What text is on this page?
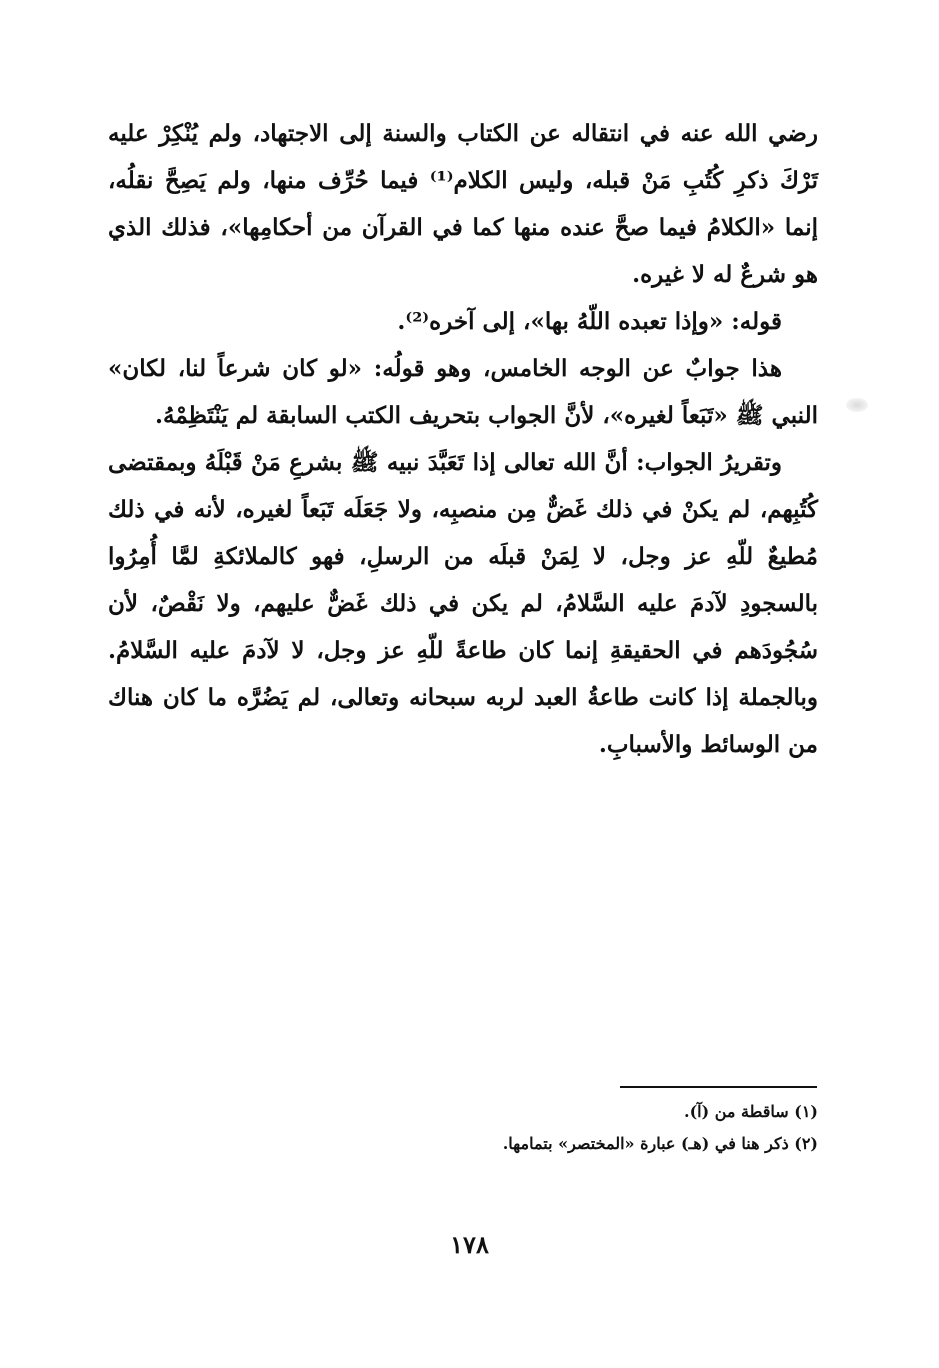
رضي الله عنه في انتقاله عن الكتاب والسنة إلى الاجتهاد، ولم يُنْكِرْ عليه تَرْكَ ذكرِ كُتُبِ مَنْ قبله، وليس الكلام⁽¹⁾ فيما حُرِّف منها، ولم يَصِحَّ نقلُه، إنما «الكلامُ فيما صحَّ عنده منها كما في القرآن من أحكامِها»، فذلك الذي هو شرعٌ له لا غيره.

قوله: «وإذا تعبده اللّهُ بها»، إلى آخره⁽²⁾.

هذا جوابٌ عن الوجه الخامس، وهو قولُه: «لو كان شرعاً لنا، لكان» النبي ﷺ «تَبَعاً لغيره»، لأنَّ الجواب بتحريف الكتب السابقة لم يَنْتَظِمْهُ.

وتقريرُ الجواب: أنَّ الله تعالى إذا تَعَبَّدَ نبيه ﷺ بشرعِ مَنْ قَبْلَهُ وبمقتضى كُتُبِهم، لم يكنْ في ذلك غَضٌّ مِن منصبِه، ولا جَعَلَه تَبَعاً لغيره، لأنه في ذلك مُطيعٌ للّهِ عز وجل، لا لِمَنْ قبلَه من الرسلِ، فهو كالملائكةِ لمَّا أُمِرُوا بالسجودِ لآدمَ عليه السَّلامُ، لم يكن في ذلك غَضٌّ عليهم، ولا نَقْصٌ، لأن سُجُودَهم في الحقيقةِ إنما كان طاعةً للّهِ عز وجل، لا لآدمَ عليه السَّلامُ. وبالجملة إذا كانت طاعةُ العبد لربه سبحانه وتعالى، لم يَضُرَّه ما كان هناك من الوسائط والأسبابِ.

(١) ساقطة من (آ).

(٢) ذكر هنا في (هـ) عبارة «المختصر» بتمامها.

١٧٨
